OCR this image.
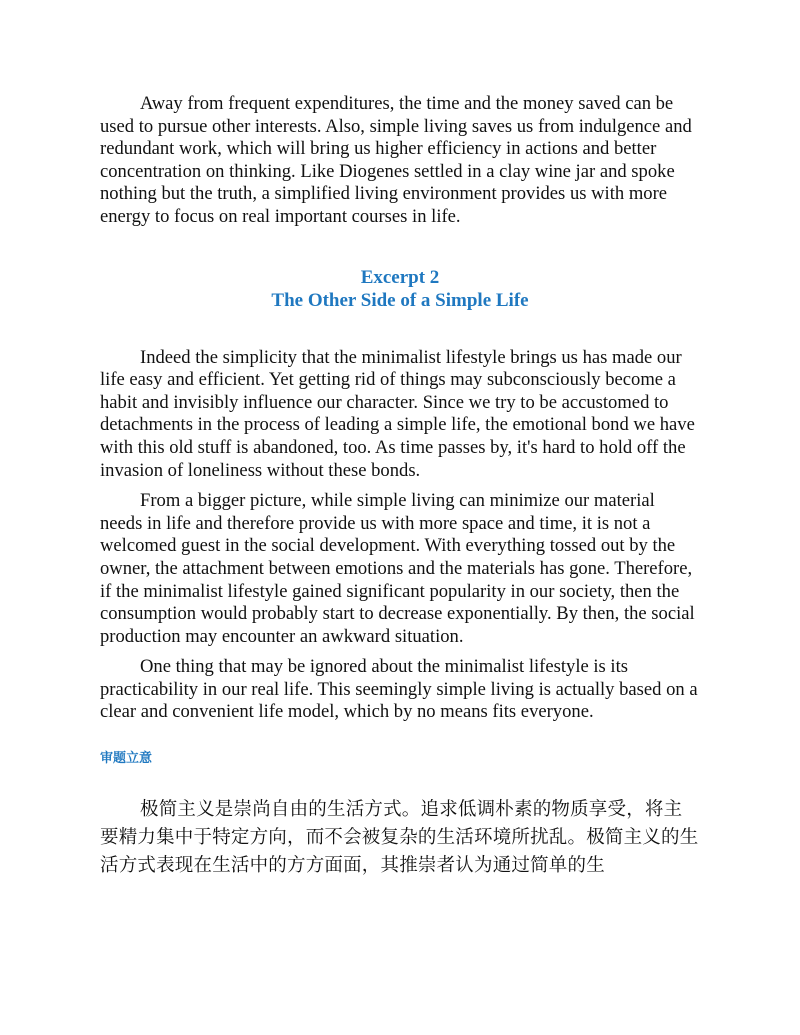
Away from frequent expenditures, the time and the money saved can be used to pursue other interests. Also, simple living saves us from indulgence and redundant work, which will bring us higher efficiency in actions and better concentration on thinking. Like Diogenes settled in a clay wine jar and spoke nothing but the truth, a simplified living environment provides us with more energy to focus on real important courses in life.

Excerpt 2
The Other Side of a Simple Life

Indeed the simplicity that the minimalist lifestyle brings us has made our life easy and efficient. Yet getting rid of things may subconsciously become a habit and invisibly influence our character. Since we try to be accustomed to detachments in the process of leading a simple life, the emotional bond we have with this old stuff is abandoned, too. As time passes by, it's hard to hold off the invasion of loneliness without these bonds.

From a bigger picture, while simple living can minimize our material needs in life and therefore provide us with more space and time, it is not a welcomed guest in the social development. With everything tossed out by the owner, the attachment between emotions and the materials has gone. Therefore, if the minimalist lifestyle gained significant popularity in our society, then the consumption would probably start to decrease exponentially. By then, the social production may encounter an awkward situation.

One thing that may be ignored about the minimalist lifestyle is its practicability in our real life. This seemingly simple living is actually based on a clear and convenient life model, which by no means fits everyone.

审题立意

极简主义是崇尚自由的生活方式。追求低调朴素的物质享受，将主要精力集中于特定方向，而不会被复杂的生活环境所扰乱。极简主义的生活方式表现在生活中的方方面面，其推崇者认为通过简单的生
